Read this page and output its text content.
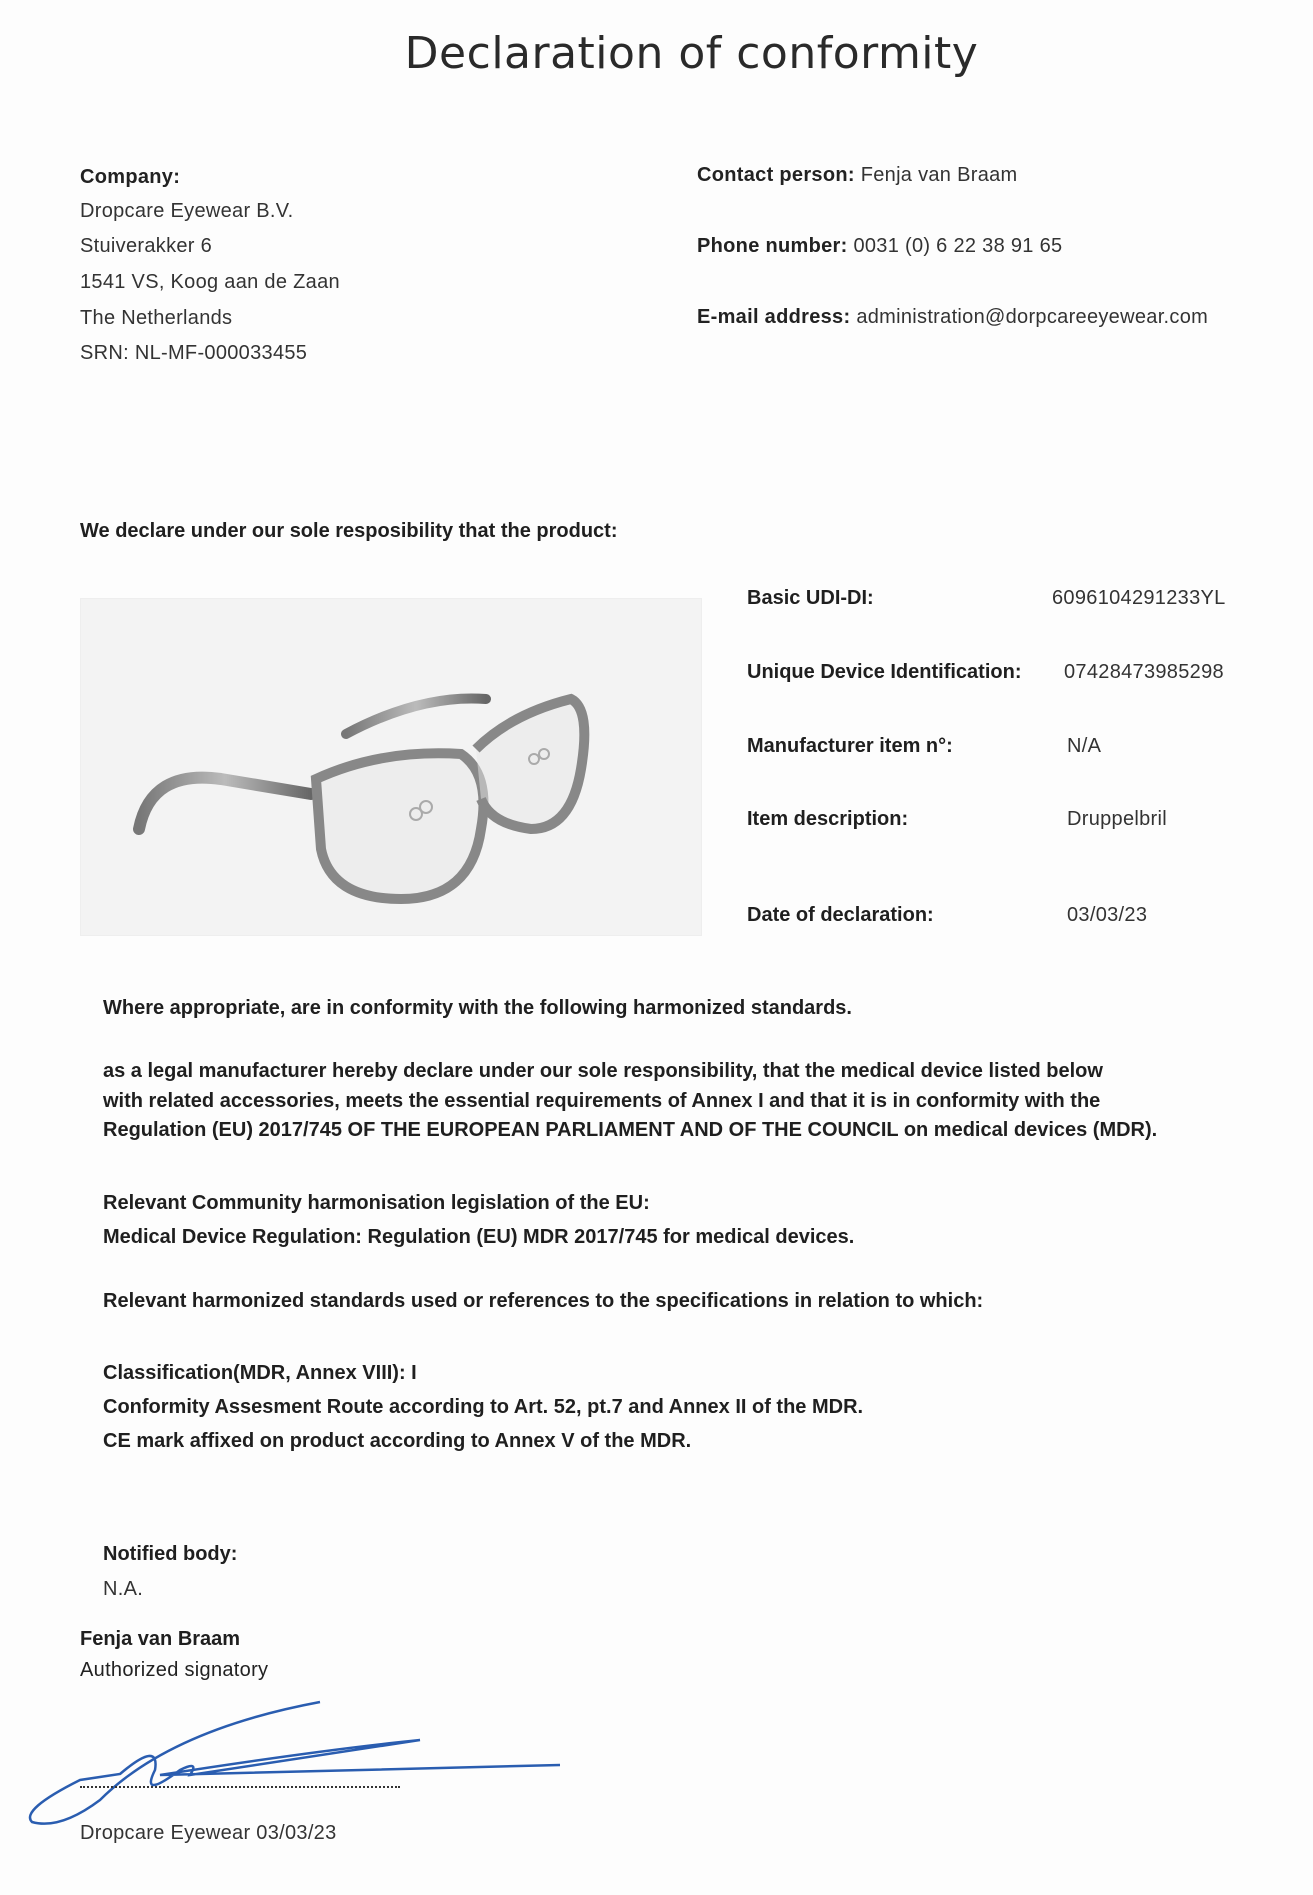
Declaration of conformity
Company:
Dropcare Eyewear B.V.
Stuiverakker 6
1541 VS, Koog aan de Zaan
The Netherlands
SRN: NL-MF-000033455
Contact person: Fenja van Braam
Phone number: 0031 (0) 6 22 38 91 65
E-mail address: administration@dorpcareeyewear.com
We declare under our sole resposibility that the product:
Basic UDI-DI:	6096104291233YL
Unique Device Identification: 07428473985298
Manufacturer item n°:	N/A
Item description:	Druppelbril
Date of declaration:	03/03/23
Where appropriate, are in conformity with the following harmonized standards.
as a legal manufacturer hereby declare under our sole responsibility, that the medical device listed below
with related accessories, meets the essential requirements of Annex I and that it is in conformity with the
Regulation (EU) 2017/745 OF THE EUROPEAN PARLIAMENT AND OF THE COUNCIL on medical devices (MDR).
Relevant Community harmonisation legislation of the EU:
Medical Device Regulation: Regulation (EU) MDR 2017/745 for medical devices.
Relevant harmonized standards used or references to the specifications in relation to which:
Classification(MDR, Annex VIII): I
Conformity Assesment Route according to Art. 52, pt.7 and Annex II of the MDR.
CE mark affixed on product according to Annex V of the MDR.
Notified body:
N.A.
Fenja van Braam
Authorized signatory
Dropcare Eyewear 03/03/23
